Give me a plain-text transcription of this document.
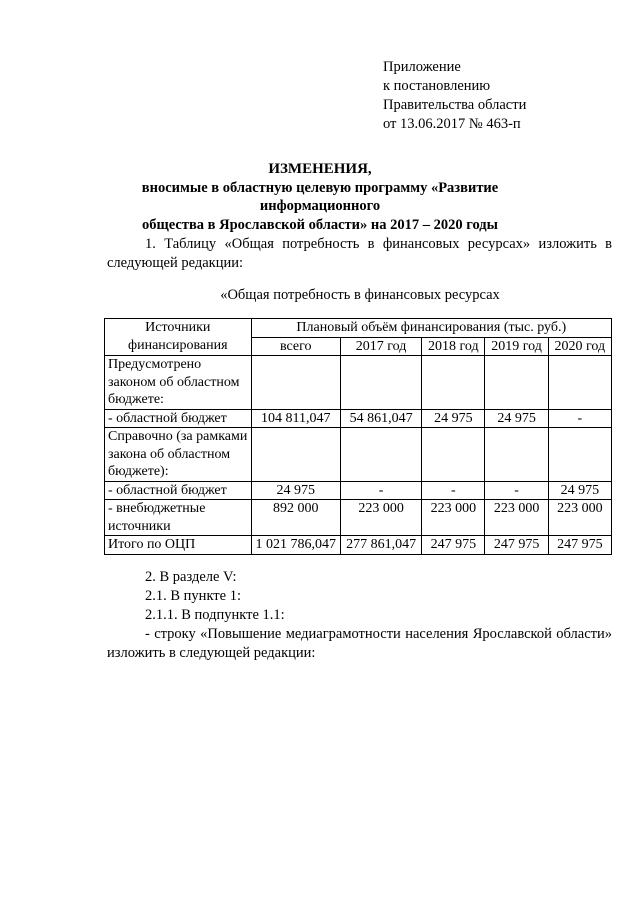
Приложение
к постановлению
Правительства области
от 13.06.2017 № 463-п
ИЗМЕНЕНИЯ,
вносимые в областную целевую программу «Развитие информационного
общества в Ярославской области» на 2017 – 2020 годы
1. Таблицу «Общая потребность в финансовых ресурсах» изложить в следующей редакции:
«Общая потребность в финансовых ресурсах
Источники финансирования	Плановый объём финансирования (тыс. руб.)				
	всего	2017 год	2018 год	2019 год	2020 год
Предусмотрено законом об областном бюджете:					
- областной бюджет	104 811,047	54 861,047	24 975	24 975	-
Справочно (за рамками закона об областном бюджете):					
- областной бюджет	24 975	-	-	-	24 975
- внебюджетные источники	892 000	223 000	223 000	223 000	223 000
Итого по ОЦП	1 021 786,047	277 861,047	247 975	247 975	247 975
2. В разделе V:
2.1. В пункте 1:
2.1.1. В подпункте 1.1:
- строку «Повышение медиаграмотности населения Ярославской области» изложить в следующей редакции:
